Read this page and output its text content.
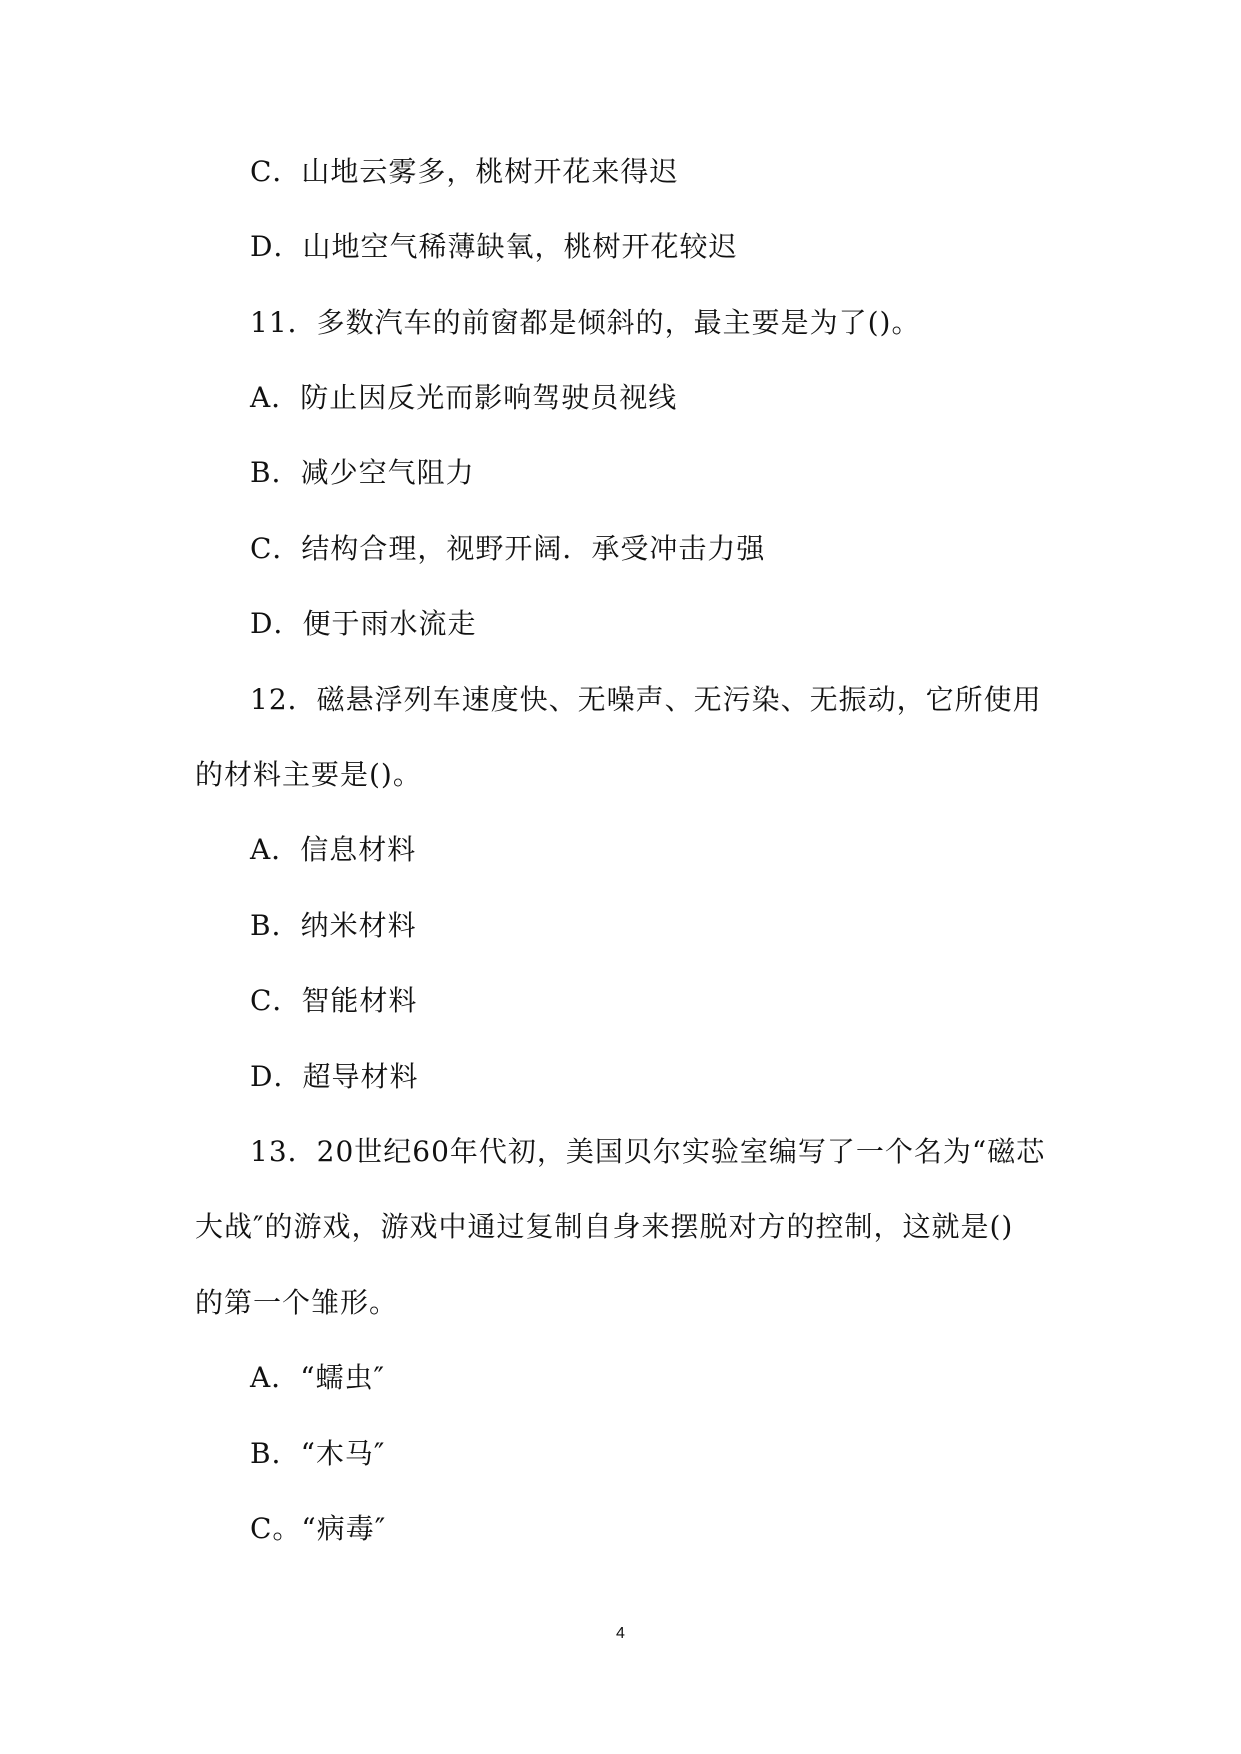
C．山地云雾多，桃树开花来得迟
D．山地空气稀薄缺氧，桃树开花较迟
11．多数汽车的前窗都是倾斜的，最主要是为了()。
A．防止因反光而影响驾驶员视线
B．减少空气阻力
C．结构合理，视野开阔．承受冲击力强
D．便于雨水流走
12．磁悬浮列车速度快、无噪声、无污染、无振动，它所使用
的材料主要是()。
A．信息材料
B．纳米材料
C．智能材料
D．超导材料
13．20世纪60年代初，美国贝尔实验室编写了一个名为“磁芯
大战″的游戏，游戏中通过复制自身来摆脱对方的控制，这就是()
的第一个雏形。
A．“蠕虫″
B．“木马″
C。“病毒″
4
